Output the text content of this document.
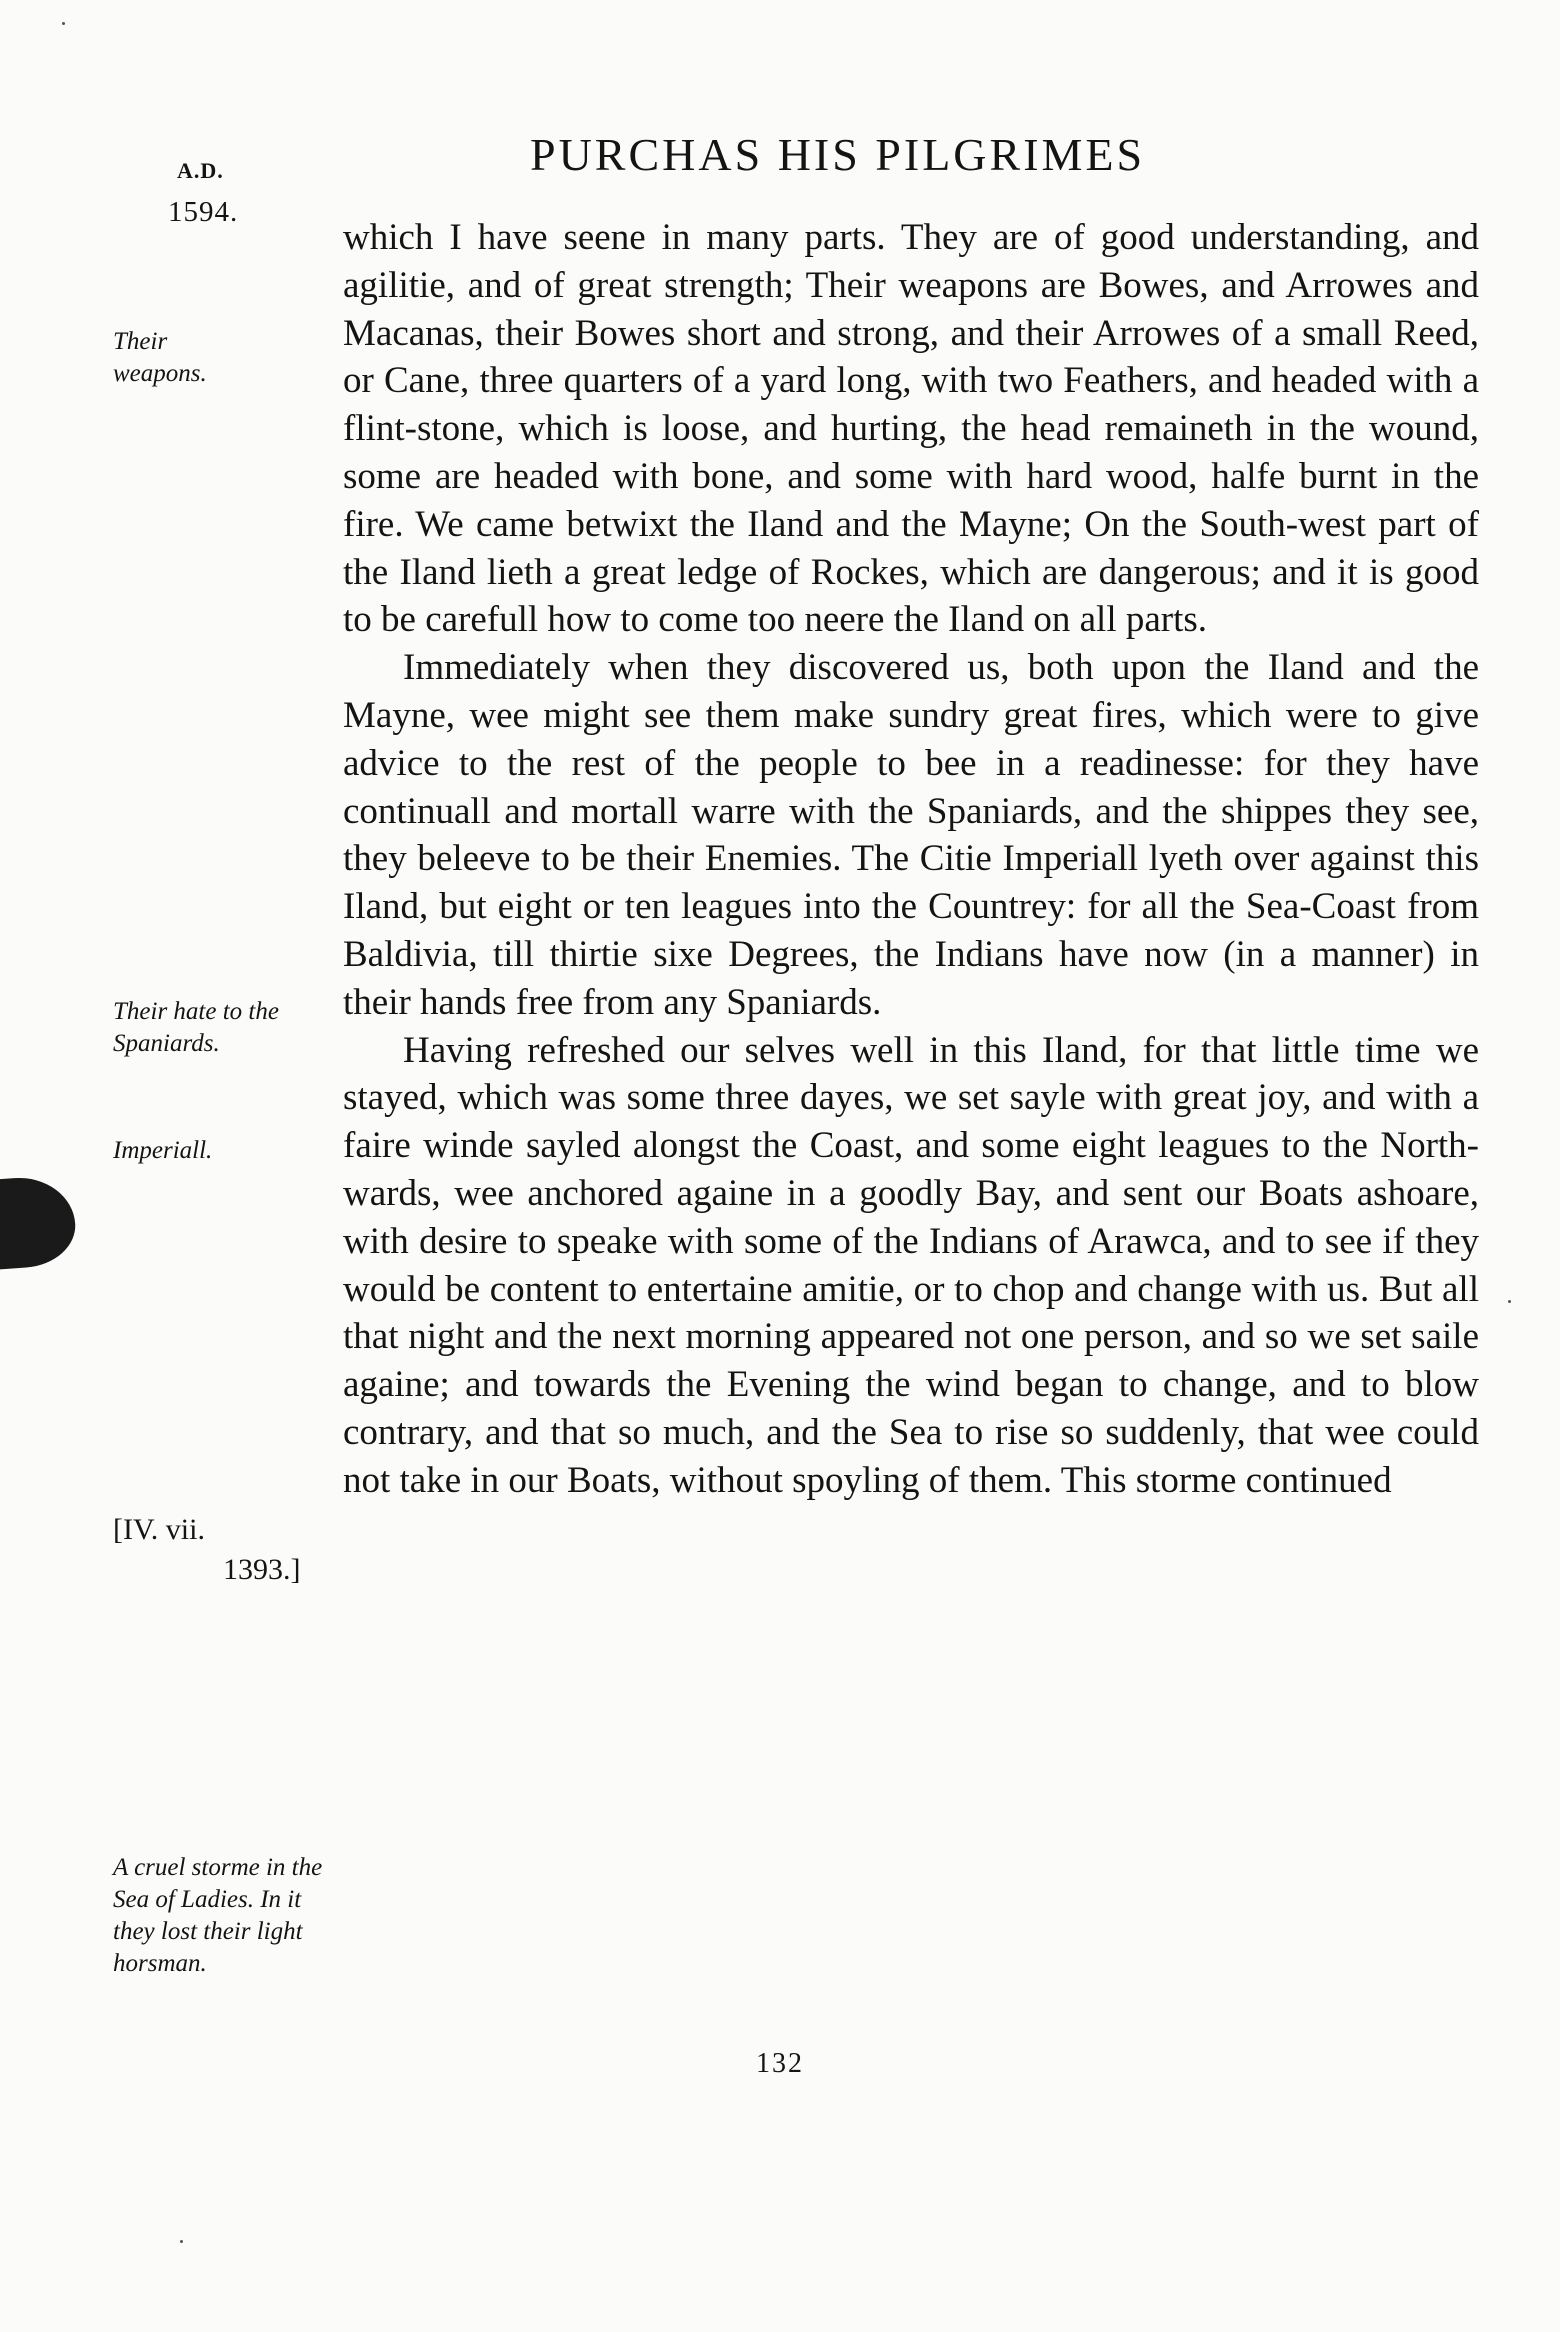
A.D.
1594.
PURCHAS HIS PILGRIMES

which I have seene in many parts. They are of good understanding, and agilitie, and of great strength; Their weapons are Bowes, and Arrowes and Macanas, their Bowes short and strong, and their Arrowes of a small Reed, or Cane, three quarters of a yard long, with two Feathers, and headed with a flint-stone, which is loose, and hurting, the head remaineth in the wound, some are headed with bone, and some with hard wood, halfe burnt in the fire. We came betwixt the Iland and the Mayne; On the South-west part of the Iland lieth a great ledge of Rockes, which are dangerous; and it is good to be carefull how to come too neere the Iland on all parts.

Immediately when they discovered us, both upon the Iland and the Mayne, wee might see them make sundry great fires, which were to give advice to the rest of the people to bee in a readinesse: for they have continuall and mortall warre with the Spaniards, and the shippes they see, they beleeve to be their Enemies. The Citie Imperiall lyeth over against this Iland, but eight or ten leagues into the Countrey: for all the Sea-Coast from Baldivia, till thirtie sixe Degrees, the Indians have now (in a manner) in their hands free from any Spaniards.

Having refreshed our selves well in this Iland, for that little time we stayed, which was some three dayes, we set sayle with great joy, and with a faire winde sayled alongst the Coast, and some eight leagues to the North-wards, wee anchored againe in a goodly Bay, and sent our Boats ashoare, with desire to speake with some of the Indians of Arawca, and to see if they would be content to entertaine amitie, or to chop and change with us. But all that night and the next morning appeared not one person, and so we set saile againe; and towards the Evening the wind began to change, and to blow contrary, and that so much, and the Sea to rise so suddenly, that wee could not take in our Boats, without spoyling of them. This storme continued

Their weapons.
Their hate to the Spaniards.
Imperiall.
[IV. vii.
1393.]
A cruel storme in the Sea of Ladies. In it they lost their light horsman.
132
